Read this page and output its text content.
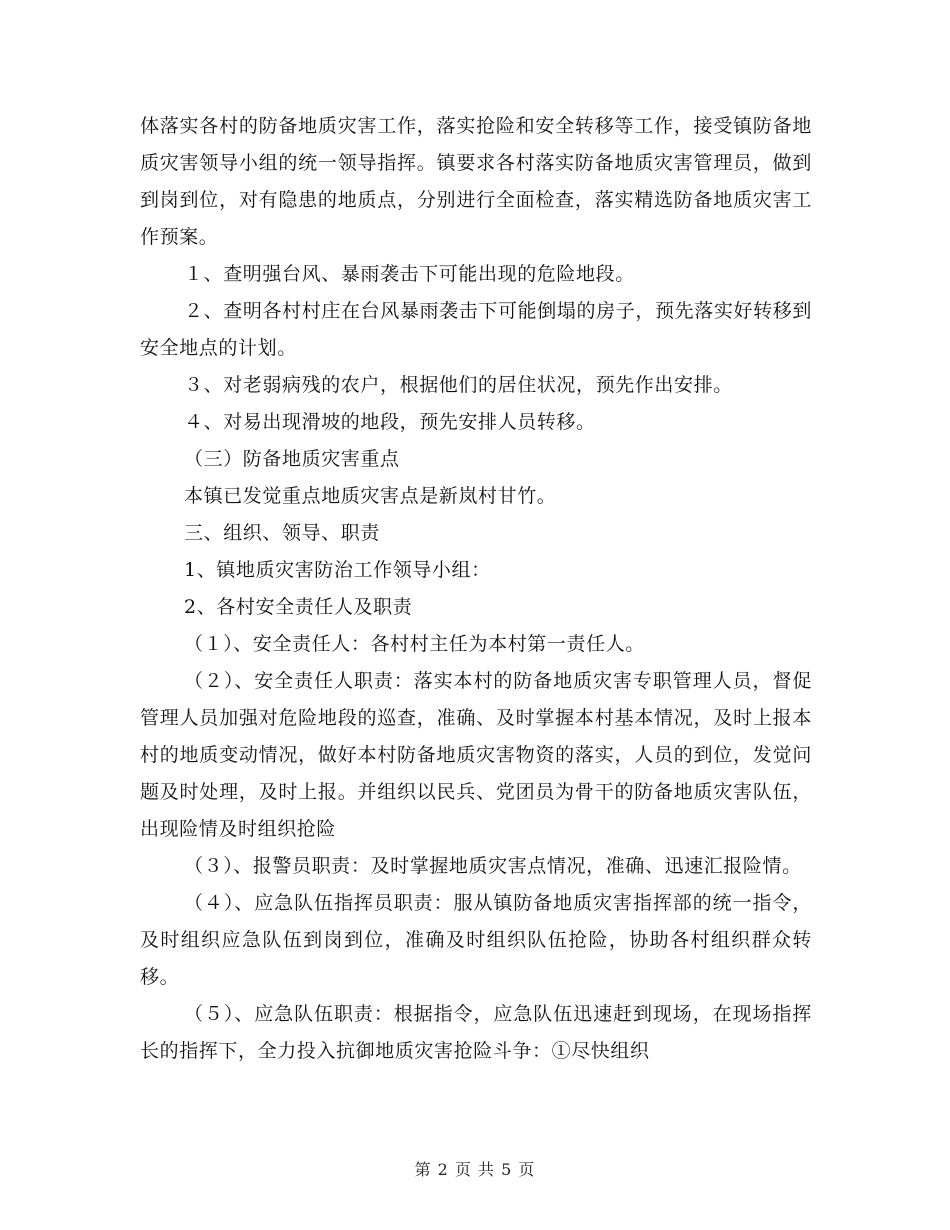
体落实各村的防备地质灾害工作，落实抢险和安全转移等工作，接受镇防备地质灾害领导小组的统一领导指挥。镇要求各村落实防备地质灾害管理员，做到到岗到位，对有隐患的地质点，分别进行全面检查，落实精选防备地质灾害工作预案。

１、查明强台风、暴雨袭击下可能出现的危险地段。

２、查明各村村庄在台风暴雨袭击下可能倒塌的房子，预先落实好转移到安全地点的计划。

３、对老弱病残的农户，根据他们的居住状况，预先作出安排。

４、对易出现滑坡的地段，预先安排人员转移。

（三）防备地质灾害重点

本镇已发觉重点地质灾害点是新岚村甘竹。

三、组织、领导、职责

1、镇地质灾害防治工作领导小组：

2、各村安全责任人及职责

（１）、安全责任人：各村村主任为本村第一责任人。

（２）、安全责任人职责：落实本村的防备地质灾害专职管理人员，督促管理人员加强对危险地段的巡查，准确、及时掌握本村基本情况，及时上报本村的地质变动情况，做好本村防备地质灾害物资的落实，人员的到位，发觉问题及时处理，及时上报。并组织以民兵、党团员为骨干的防备地质灾害队伍，出现险情及时组织抢险

（３）、报警员职责：及时掌握地质灾害点情况，准确、迅速汇报险情。

（４）、应急队伍指挥员职责：服从镇防备地质灾害指挥部的统一指令，及时组织应急队伍到岗到位，准确及时组织队伍抢险，协助各村组织群众转移。

（５）、应急队伍职责：根据指令，应急队伍迅速赶到现场，在现场指挥长的指挥下，全力投入抗御地质灾害抢险斗争：①尽快组织

第 2 页 共 5 页
